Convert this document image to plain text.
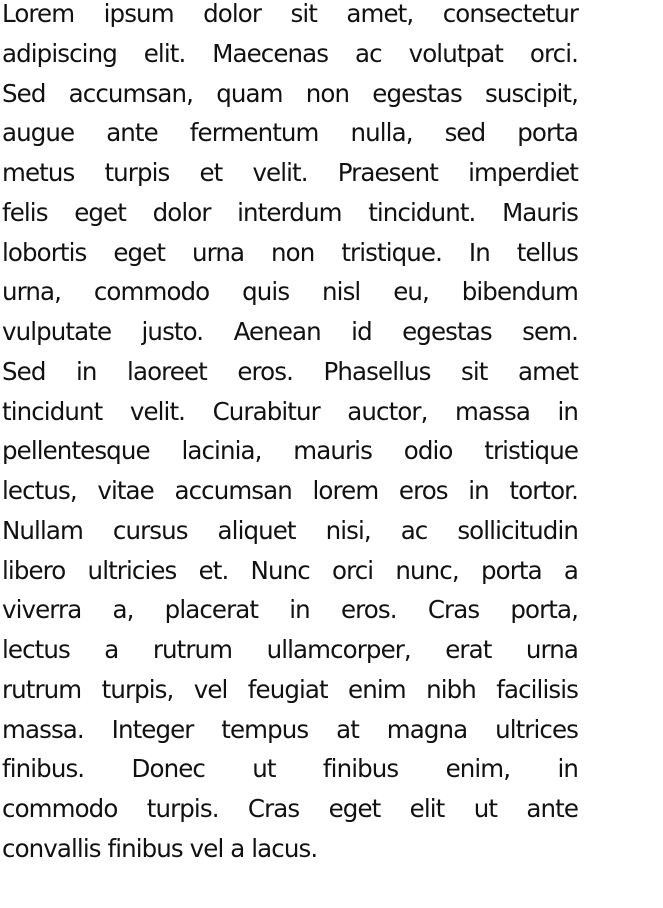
Lorem ipsum dolor sit amet, consectetur
adipiscing elit. Maecenas ac volutpat orci.
Sed accumsan, quam non egestas suscipit,
augue ante fermentum nulla, sed porta
metus turpis et velit. Praesent imperdiet
felis eget dolor interdum tincidunt. Mauris
lobortis eget urna non tristique. In tellus
urna, commodo quis nisl eu, bibendum
vulputate justo. Aenean id egestas sem.
Sed in laoreet eros. Phasellus sit amet
tincidunt velit. Curabitur auctor, massa in
pellentesque lacinia, mauris odio tristique
lectus, vitae accumsan lorem eros in tortor.
Nullam cursus aliquet nisi, ac sollicitudin
libero ultricies et. Nunc orci nunc, porta a
viverra a, placerat in eros. Cras porta,
lectus a rutrum ullamcorper, erat urna
rutrum turpis, vel feugiat enim nibh facilisis
massa. Integer tempus at magna ultrices
finibus. Donec ut finibus enim, in
commodo turpis. Cras eget elit ut ante
convallis finibus vel a lacus.
